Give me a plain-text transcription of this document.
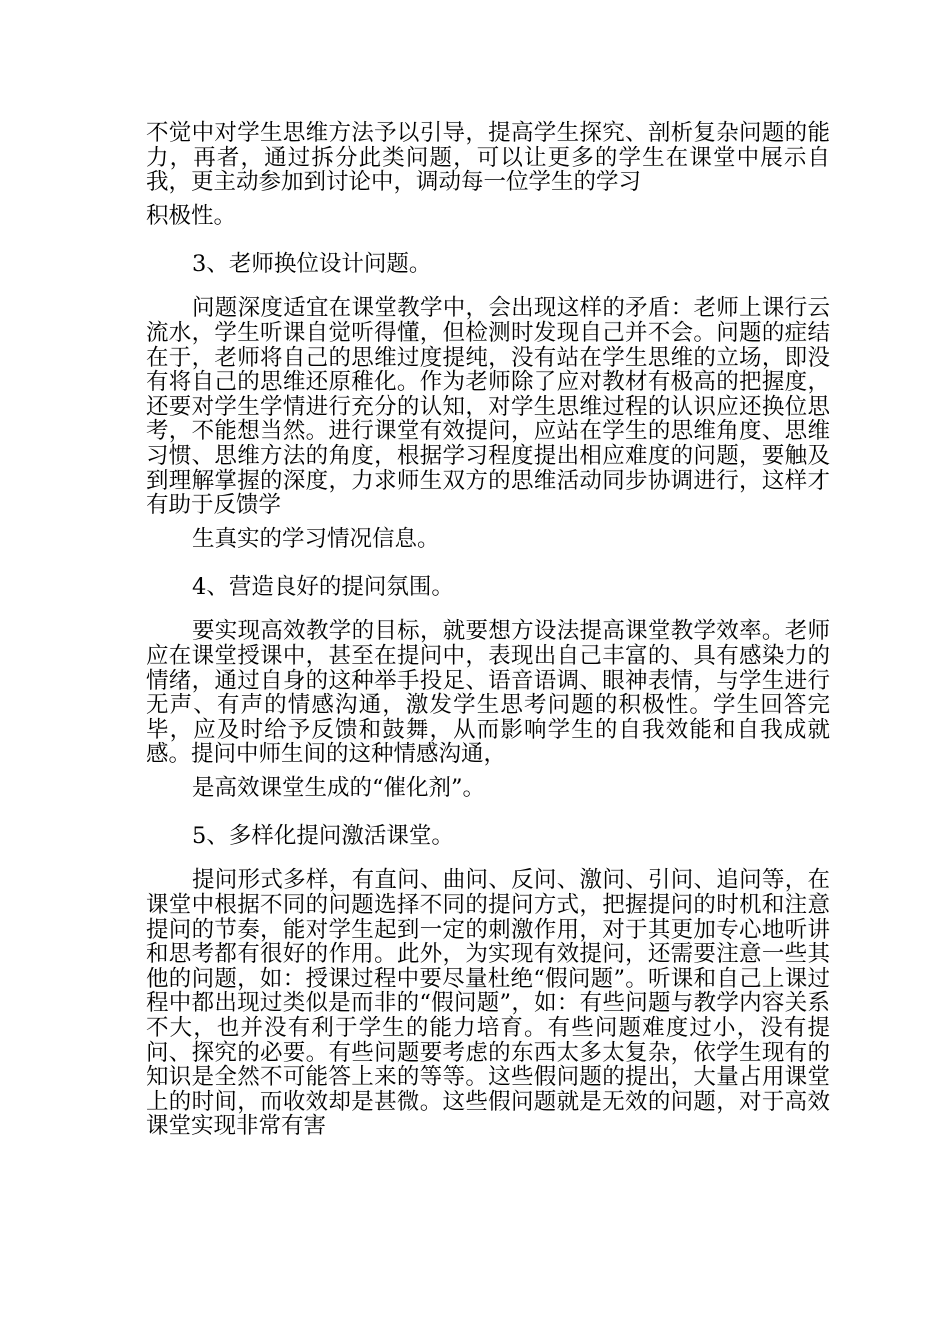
不觉中对学生思维方法予以引导，提高学生探究、剖析复杂问题的能力，再者，通过拆分此类问题，可以让更多的学生在课堂中展示自我，更主动参加到讨论中，调动每一位学生的学习
积极性。

3、老师换位设计问题。

问题深度适宜在课堂教学中，会出现这样的矛盾：老师上课行云流水，学生听课自觉听得懂，但检测时发现自己并不会。问题的症结在于，老师将自己的思维过度提纯，没有站在学生思维的立场，即没有将自己的思维还原稚化。作为老师除了应对教材有极高的把握度，还要对学生学情进行充分的认知，对学生思维过程的认识应还换位思考，不能想当然。进行课堂有效提问，应站在学生的思维角度、思维习惯、思维方法的角度，根据学习程度提出相应难度的问题，要触及到理解掌握的深度，力求师生双方的思维活动同步协调进行，这样才有助于反馈学
生真实的学习情况信息。

4、营造良好的提问氛围。

要实现高效教学的目标，就要想方设法提高课堂教学效率。老师应在课堂授课中，甚至在提问中，表现出自己丰富的、具有感染力的情绪，通过自身的这种举手投足、语音语调、眼神表情，与学生进行无声、有声的情感沟通，激发学生思考问题的积极性。学生回答完毕，应及时给予反馈和鼓舞，从而影响学生的自我效能和自我成就感。提问中师生间的这种情感沟通，
是高效课堂生成的“催化剂”。

5、多样化提问激活课堂。

提问形式多样，有直问、曲问、反问、激问、引问、追问等，在课堂中根据不同的问题选择不同的提问方式，把握提问的时机和注意提问的节奏，能对学生起到一定的刺激作用，对于其更加专心地听讲和思考都有很好的作用。此外，为实现有效提问，还需要注意一些其他的问题，如：授课过程中要尽量杜绝“假问题”。听课和自己上课过程中都出现过类似是而非的“假问题”，如：有些问题与教学内容关系不大，也并没有利于学生的能力培育。有些问题难度过小，没有提问、探究的必要。有些问题要考虑的东西太多太复杂，依学生现有的知识是全然不可能答上来的等等。这些假问题的提出，大量占用课堂上的时间，而收效却是甚微。这些假问题就是无效的问题，对于高效课堂实现非常有害
